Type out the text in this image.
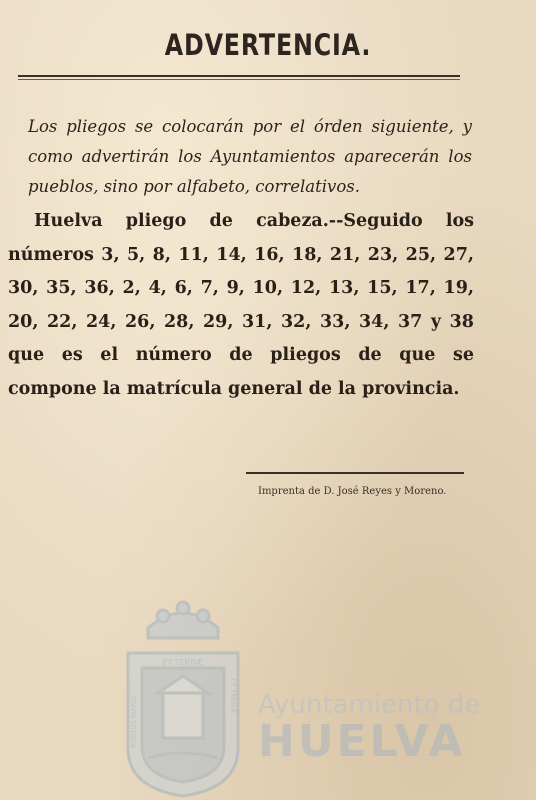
ADVERTENCIA.
Los pliegos se colocarán por el órden siguiente, y como advertirán los Ayuntamientos aparecerán los pueblos, sino por alfabeto, correlativos.
Huelva pliego de cabeza.--Seguido los números 3, 5, 8, 11, 14, 16, 18, 21, 23, 25, 27, 30, 35, 36, 2, 4, 6, 7, 9, 10, 12, 13, 15, 17, 19, 20, 22, 24, 26, 28, 29, 31, 32, 33, 34, 37 y 38 que es el número de pliegos de que se compone la matrícula general de la provincia.
Imprenta de D. José Reyes y Moreno.
ET TERRÆ
PORTUS MARIS	ET TERRÆ Ayuntamiento de
HUELVA
